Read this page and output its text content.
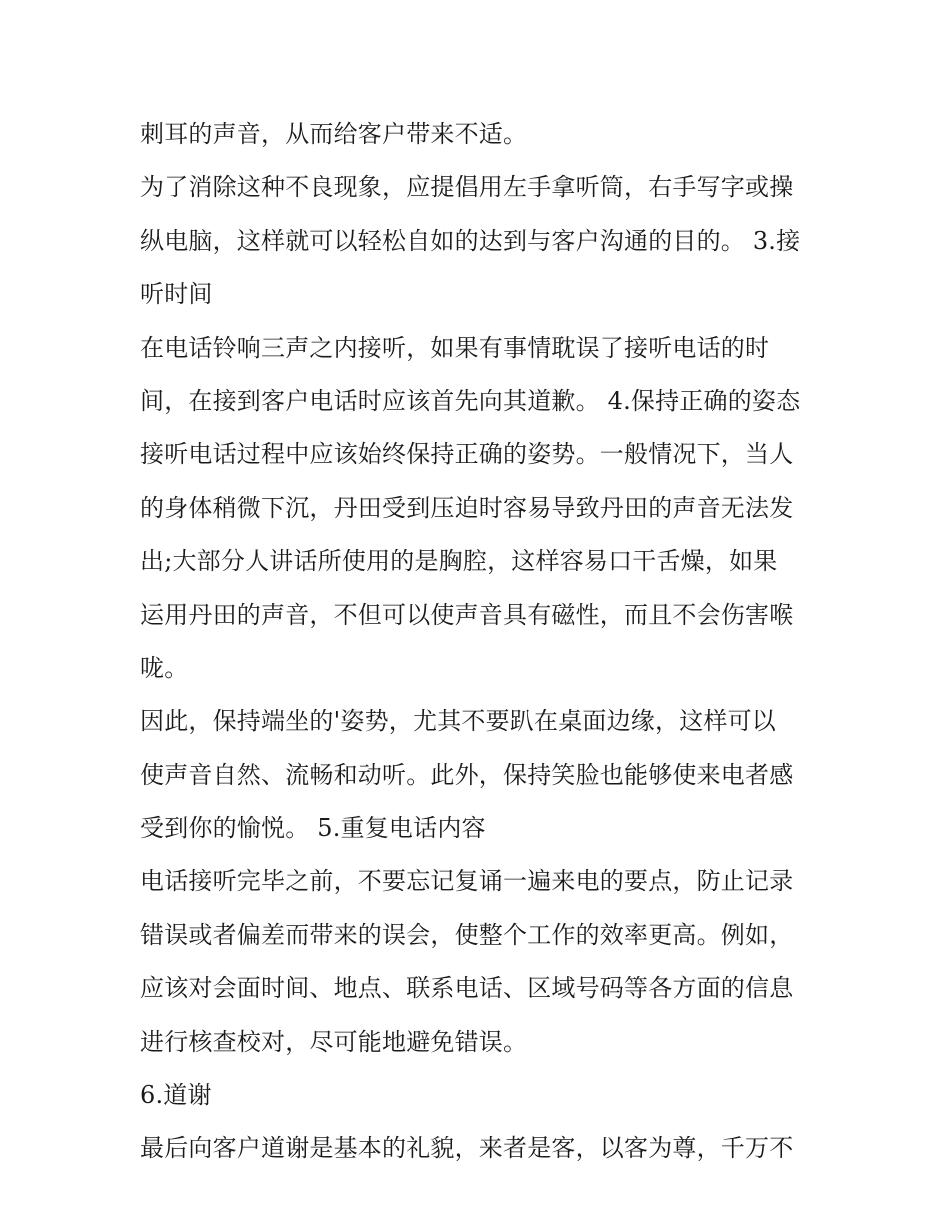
刺耳的声音，从而给客户带来不适。
为了消除这种不良现象，应提倡用左手拿听筒，右手写字或操
纵电脑，这样就可以轻松自如的达到与客户沟通的目的。 3.接
听时间
在电话铃响三声之内接听，如果有事情耽误了接听电话的时
间，在接到客户电话时应该首先向其道歉。 4.保持正确的姿态
接听电话过程中应该始终保持正确的姿势。一般情况下，当人
的身体稍微下沉，丹田受到压迫时容易导致丹田的声音无法发
出;大部分人讲话所使用的是胸腔，这样容易口干舌燥，如果
运用丹田的声音，不但可以使声音具有磁性，而且不会伤害喉
咙。
因此，保持端坐的'姿势，尤其不要趴在桌面边缘，这样可以
使声音自然、流畅和动听。此外，保持笑脸也能够使来电者感
受到你的愉悦。 5.重复电话内容
电话接听完毕之前，不要忘记复诵一遍来电的要点，防止记录
错误或者偏差而带来的误会，使整个工作的效率更高。例如，
应该对会面时间、地点、联系电话、区域号码等各方面的信息
进行核查校对，尽可能地避免错误。
6.道谢
最后向客户道谢是基本的礼貌，来者是客，以客为尊，千万不
